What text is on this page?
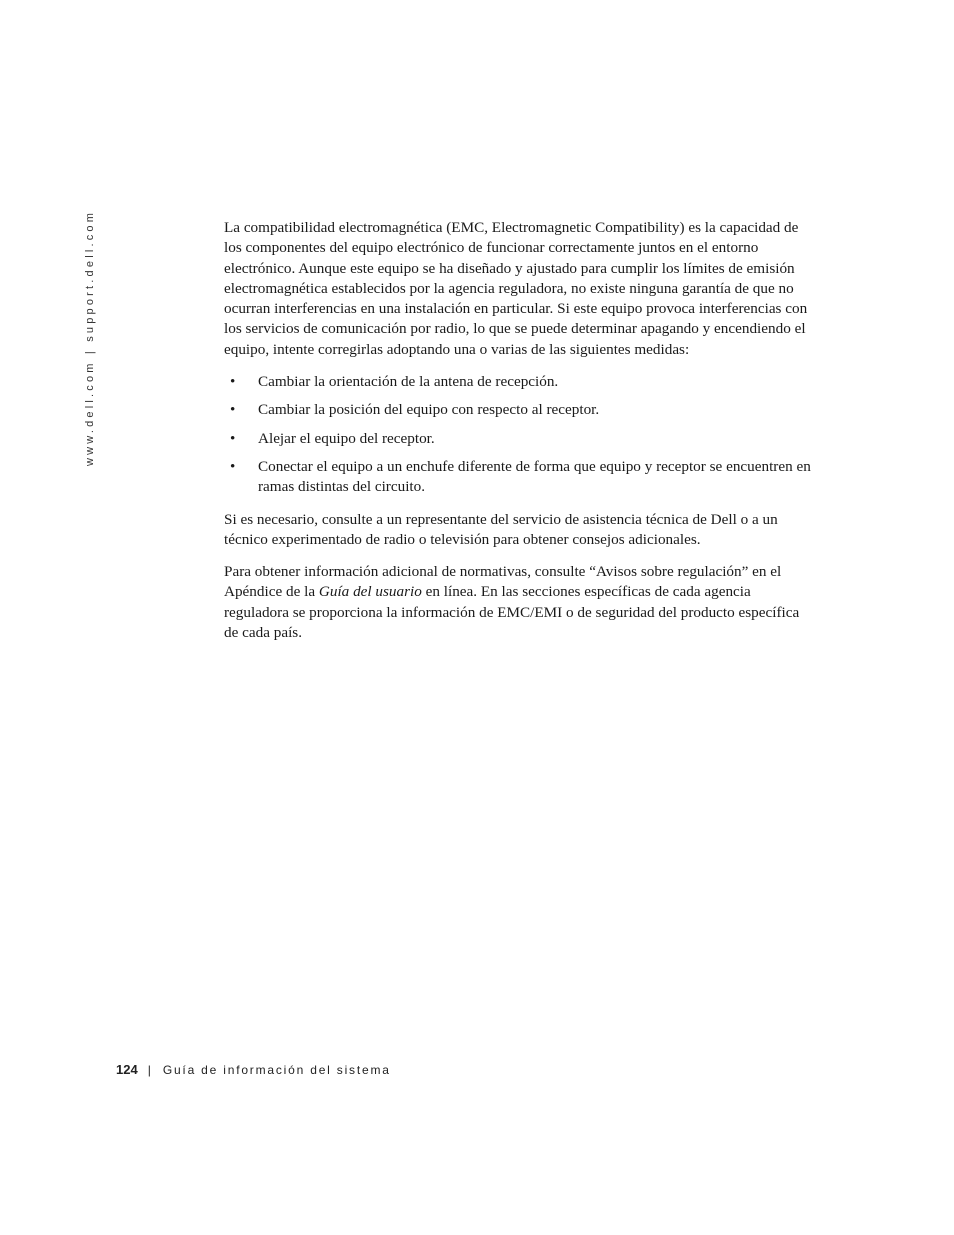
www.dell.com | support.dell.com	La compatibilidad electromagnética (EMC, Electromagnetic Compatibility) es la capacidad de los componentes del equipo electrónico de funcionar correctamente juntos en el entorno electrónico. Aunque este equipo se ha diseñado y ajustado para cumplir los límites de emisión electromagnética establecidos por la agencia reguladora, no existe ninguna garantía de que no ocurran interferencias en una instalación en particular. Si este equipo provoca interferencias con los servicios de comunicación por radio, lo que se puede determinar apagando y encendiendo el equipo, intente corregirlas adoptando una o varias de las siguientes medidas:

• Cambiar la orientación de la antena de recepción.
• Cambiar la posición del equipo con respecto al receptor.
• Alejar el equipo del receptor.
• Conectar el equipo a un enchufe diferente de forma que equipo y receptor se encuentren en ramas distintas del circuito.

Si es necesario, consulte a un representante del servicio de asistencia técnica de Dell o a un técnico experimentado de radio o televisión para obtener consejos adicionales.

Para obtener información adicional de normativas, consulte “Avisos sobre regulación” en el Apéndice de la Guía del usuario en línea. En las secciones específicas de cada agencia reguladora se proporciona la información de EMC/EMI o de seguridad del producto específica de cada país.

124 | Guía de información del sistema
